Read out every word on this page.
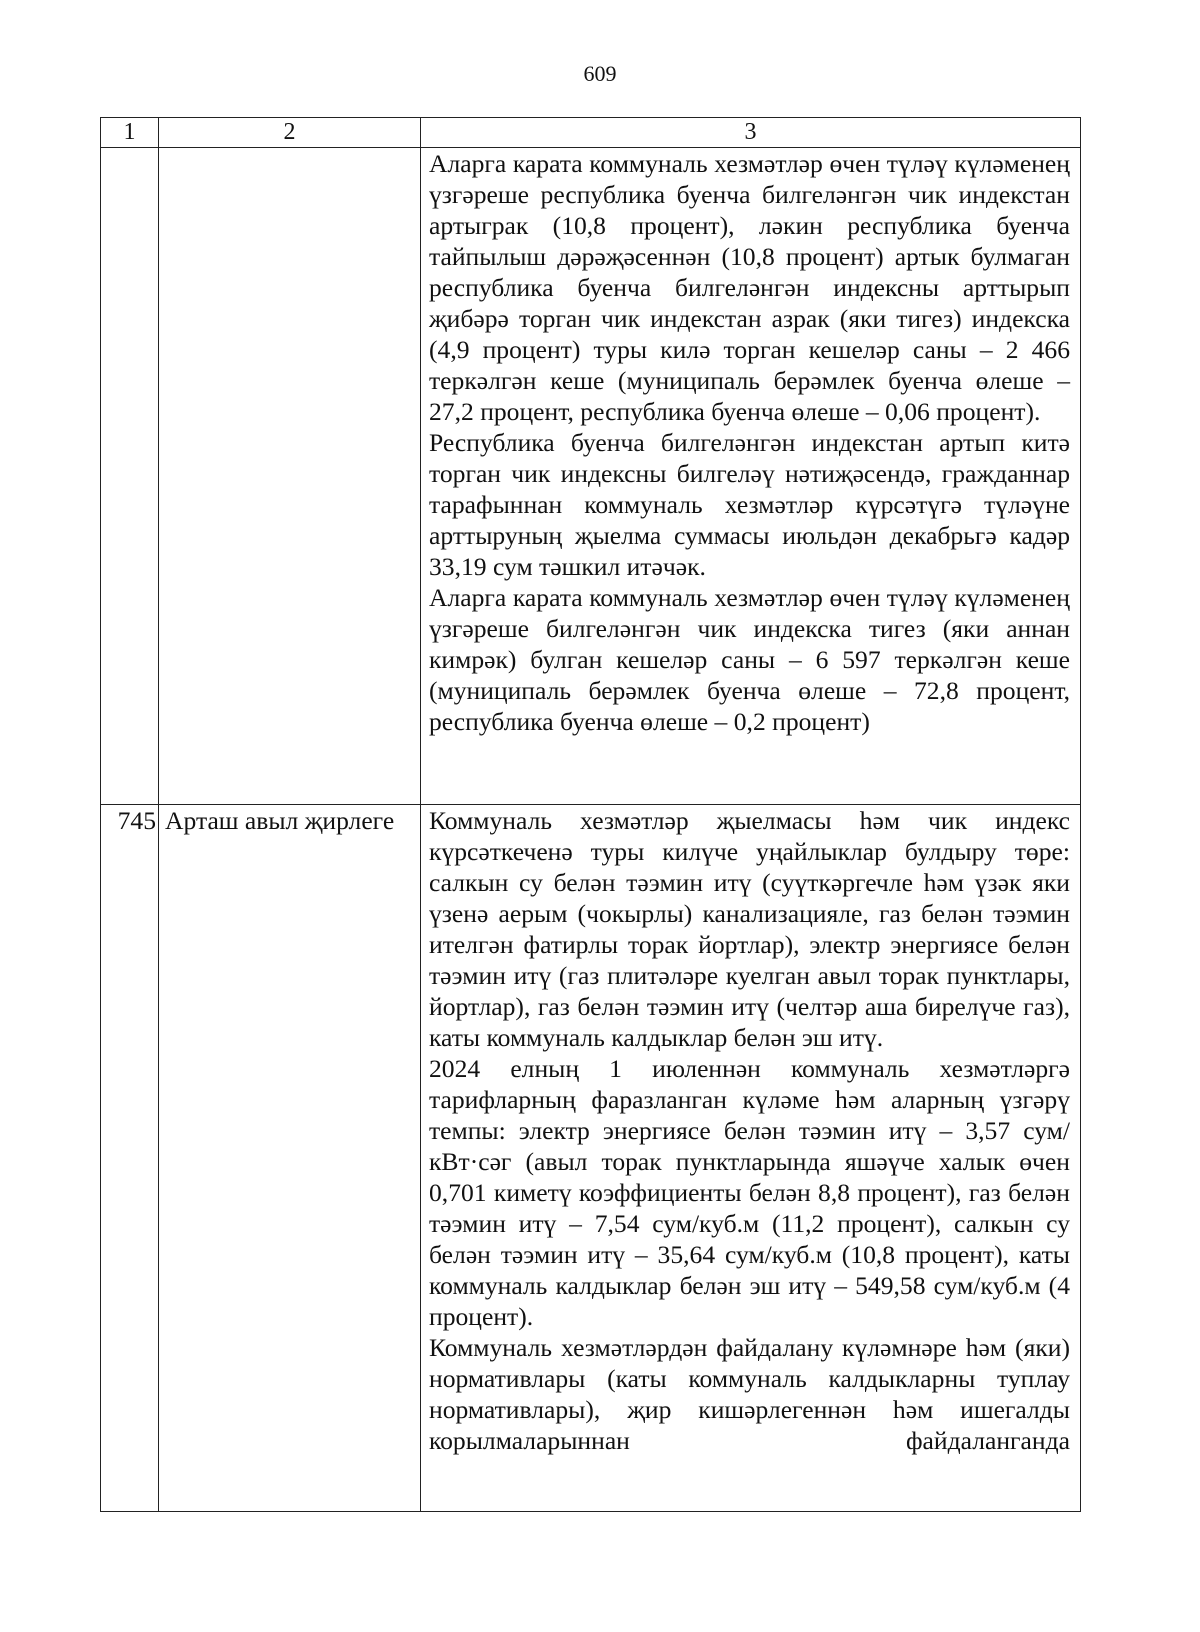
609
1	2	3

		Аларга карата коммуналь хезмәтләр өчен түләү күләменең үзгәреше республика буенча билгеләнгән чик индекстан артыграк (10,8 процент), ләкин республика буенча тайпылыш дәрәҗәсеннән (10,8 процент) артык булмаган республика буенча билгеләнгән индексны арттырып җибәрә торган чик индекстан азрак (яки тигез) индекска (4,9 процент) туры килә торган кешеләр саны – 2 466 теркәлгән кеше (муниципаль берәмлек буенча өлеше – 27,2 процент, республика буенча өлеше – 0,06 процент).

Республика буенча билгеләнгән индекстан артып китә торган чик индексны билгеләү нәтиҗәсендә, гражданнар тарафыннан коммуналь хезмәтләр күрсәтүгә түләүне арттыруның җыелма суммасы июльдән декабрьгә кадәр 33,19 сум тәшкил итәчәк.

Аларга карата коммуналь хезмәтләр өчен түләү күләменең үзгәреше билгеләнгән чик индекска тигез (яки аннан кимрәк) булган кешеләр саны – 6 597 теркәлгән кеше (муниципаль берәмлек буенча өлеше – 72,8 процент, республика буенча өлеше – 0,2 процент)

745	Арташ авыл җирлеге	Коммуналь хезмәтләр җыелмасы һәм чик индекс күрсәткеченә туры килүче уңайлыклар булдыру төре: салкын су белән тәэмин итү (суүткәргечле һәм үзәк яки үзенә аерым (чокырлы) канализацияле, газ белән тәэмин ителгән фатирлы торак йортлар), электр энергиясе белән тәэмин итү (газ плитәләре куелган авыл торак пунктлары, йортлар), газ белән тәэмин итү (челтәр аша бирелүче газ), каты коммуналь калдыклар белән эш итү.

2024 елның 1 июленнән коммуналь хезмәтләргә тарифларның фаразланган күләме һәм аларның үзгәрү темпы: электр энергиясе белән тәэмин итү – 3,57 сум/кВт·сәг (авыл торак пунктларында яшәүче халык өчен 0,701 киметү коэффициенты белән 8,8 процент), газ белән тәэмин итү – 7,54 сум/куб.м (11,2 процент), салкын су белән тәэмин итү – 35,64 сум/куб.м (10,8 процент), каты коммуналь калдыклар белән эш итү – 549,58 сум/куб.м (4 процент).

Коммуналь хезмәтләрдән файдалану күләмнәре һәм (яки) нормативлары (каты коммуналь калдыкларны туплау нормативлары), җир кишәрлегеннән һәм ишегалды корылмаларыннан файдаланганда
